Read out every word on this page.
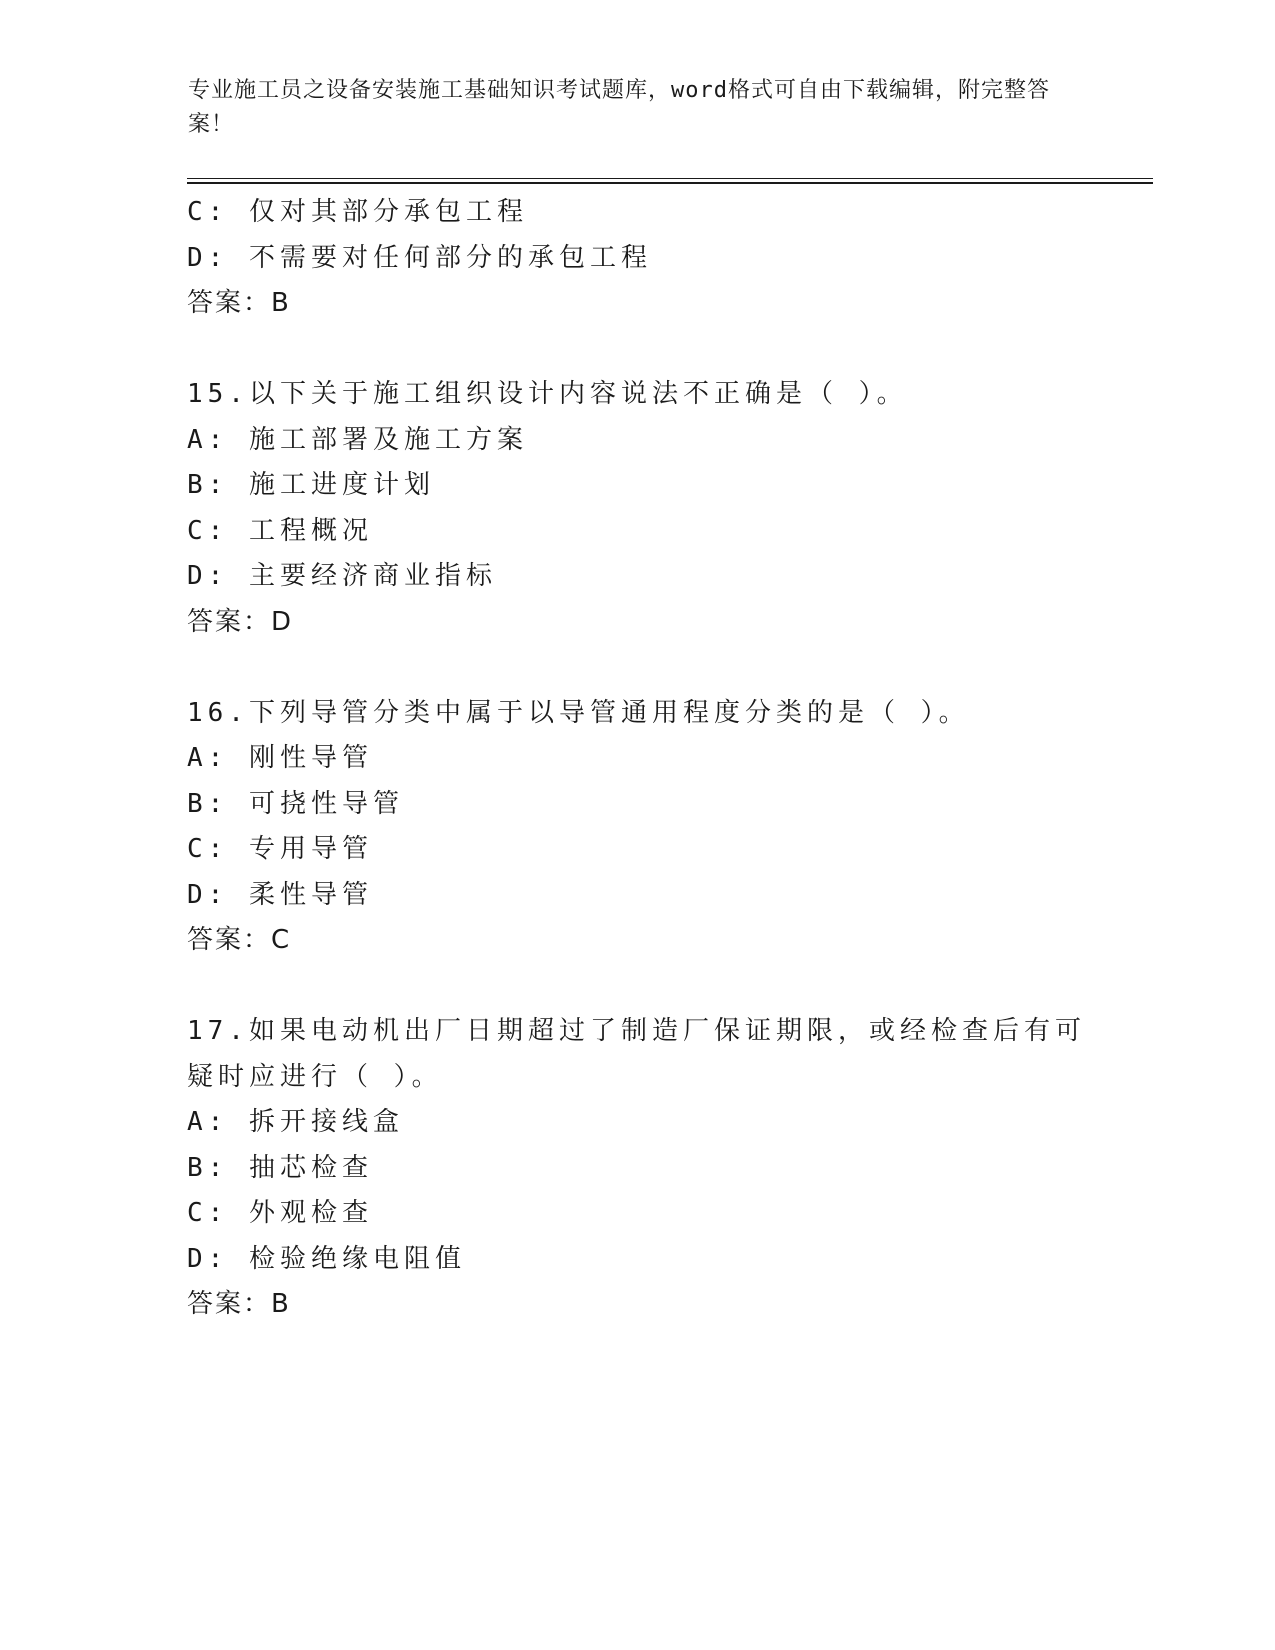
专业施工员之设备安装施工基础知识考试题库，word格式可自由下载编辑，附完整答案！
C: 仅对其部分承包工程
D: 不需要对任何部分的承包工程
答案：B
15.以下关于施工组织设计内容说法不正确是（ ）。
A: 施工部署及施工方案
B: 施工进度计划
C: 工程概况
D: 主要经济商业指标
答案：D
16.下列导管分类中属于以导管通用程度分类的是（ ）。
A: 刚性导管
B: 可挠性导管
C: 专用导管
D: 柔性导管
答案：C
17.如果电动机出厂日期超过了制造厂保证期限，或经检查后有可疑时应进行（ ）。
A: 拆开接线盒
B: 抽芯检查
C: 外观检查
D: 检验绝缘电阻值
答案：B
